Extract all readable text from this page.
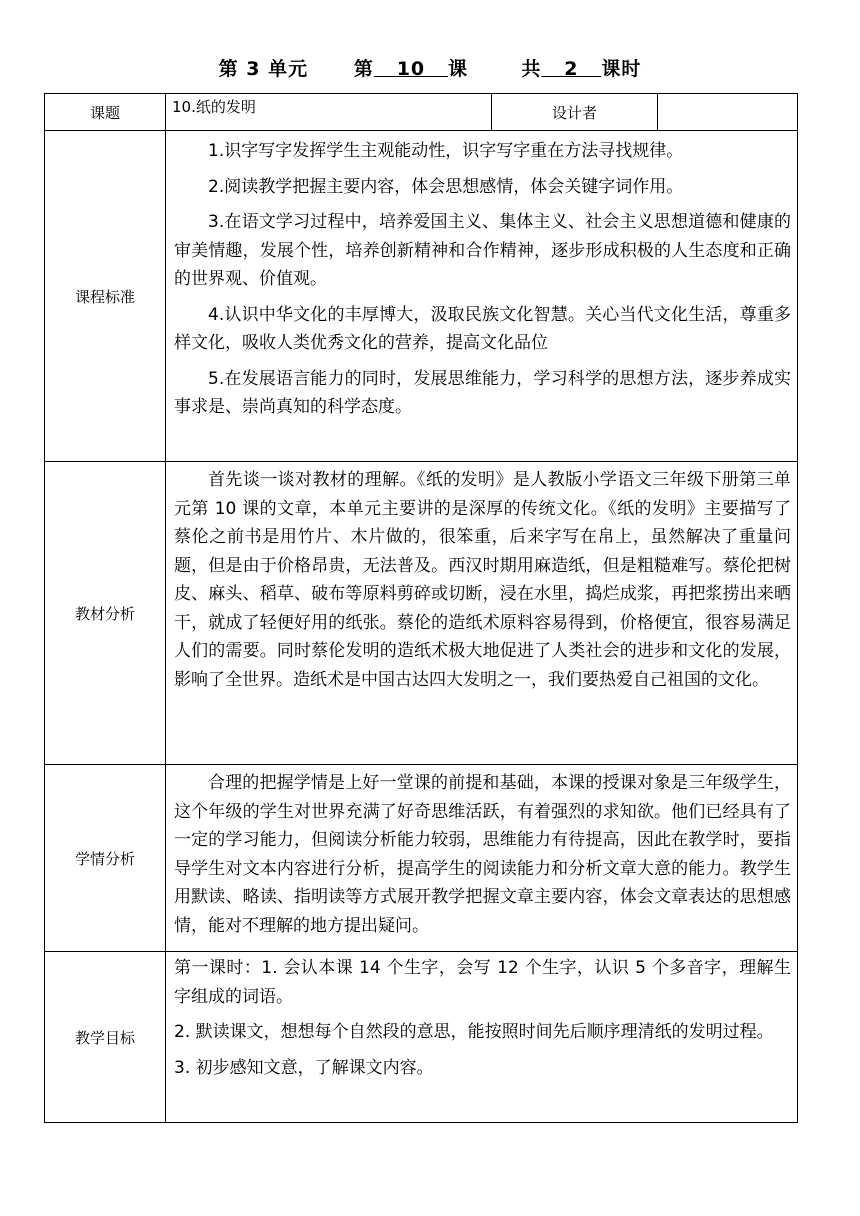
第 3 单元 第 10 课	共 2 课时
课题	10.纸的发明	设计者	
课程标准	1.识字写字发挥学生主观能动性，识字写字重在方法寻找规律。

2.阅读教学把握主要内容，体会思想感情，体会关键字词作用。

3.在语文学习过程中，培养爱国主义、集体主义、社会主义思想道德和健康的审美情趣，发展个性，培养创新精神和合作精神，逐步形成积极的人生态度和正确的世界观、价值观。

4.认识中华文化的丰厚博大，汲取民族文化智慧。关心当代文化生活，尊重多样文化，吸收人类优秀文化的营养，提高文化品位

5.在发展语言能力的同时，发展思维能力，学习科学的思想方法，逐步养成实事求是、崇尚真知的科学态度。		

教材分析	首先谈一谈对教材的理解。《纸的发明》是人教版小学语文三年级下册第三单元第 10 课的文章，本单元主要讲的是深厚的传统文化。《纸的发明》主要描写了蔡伦之前书是用竹片、木片做的，很笨重，后来字写在帛上，虽然解决了重量问题，但是由于价格昂贵，无法普及。西汉时期用麻造纸，但是粗糙难写。蔡伦把树皮、麻头、稻草、破布等原料剪碎或切断，浸在水里，捣烂成浆，再把浆捞出来晒干，就成了轻便好用的纸张。蔡伦的造纸术原料容易得到，价格便宜，很容易满足人们的需要。同时蔡伦发明的造纸术极大地促进了人类社会的进步和文化的发展，影响了全世界。造纸术是中国古达四大发明之一，我们要热爱自己祖国的文化。		

学情分析	合理的把握学情是上好一堂课的前提和基础，本课的授课对象是三年级学生，这个年级的学生对世界充满了好奇思维活跃，有着强烈的求知欲。他们已经具有了一定的学习能力，但阅读分析能力较弱，思维能力有待提高，因此在教学时，要指导学生对文本内容进行分析，提高学生的阅读能力和分析文章大意的能力。教学生用默读、略读、指明读等方式展开教学把握文章主要内容，体会文章表达的思想感情，能对不理解的地方提出疑问。		

教学目标	第一课时：1. 会认本课 14 个生字，会写 12 个生字，认识 5 个多音字，理解生字组成的词语。

2. 默读课文，想想每个自然段的意思，能按照时间先后顺序理清纸的发明过程。

3. 初步感知文意，了解课文内容。		
